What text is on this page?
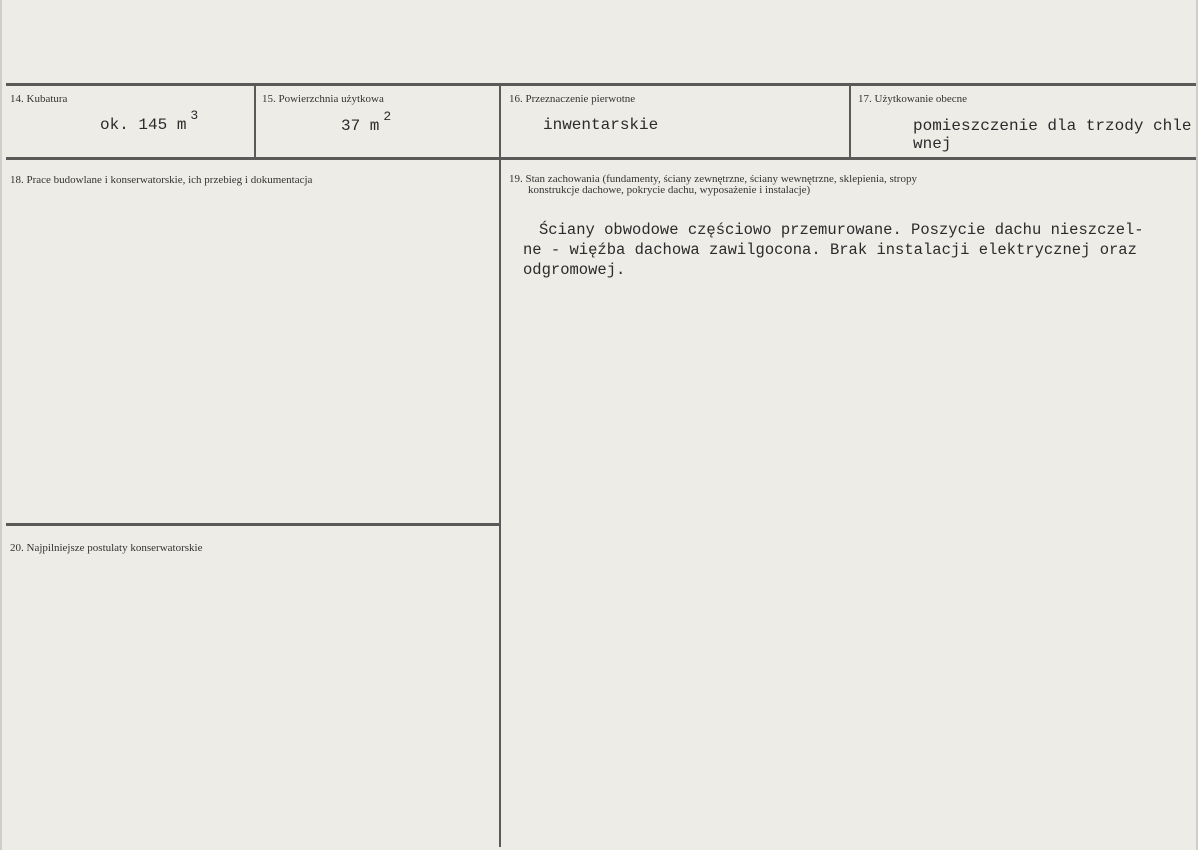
14. Kubatura
ok. 145 $m^3$
15. Powierzchnia użytkowa
37 $m^2$
16. Przeznaczenie pierwotne
inwentarskie
17. Użytkowanie obecne
pomieszczenie dla trzody chle
wnej
18. Prace budowlane i konserwatorskie, ich przebieg i dokumentacja	19. Stan zachowania (fundamenty, ściany zewnętrzne, ściany wewnętrzne, sklepienia, stropy
konstrukcje dachowe, pokrycie dachu, wyposażenie i instalacje)
Ściany obwodowe częściowo przemurowane. Poszycie dachu nieszczel-
ne - więźba dachowa zawilgocona. Brak instalacji elektrycznej oraz
odgromowej.
20. Najpilniejsze postulaty konserwatorskie
